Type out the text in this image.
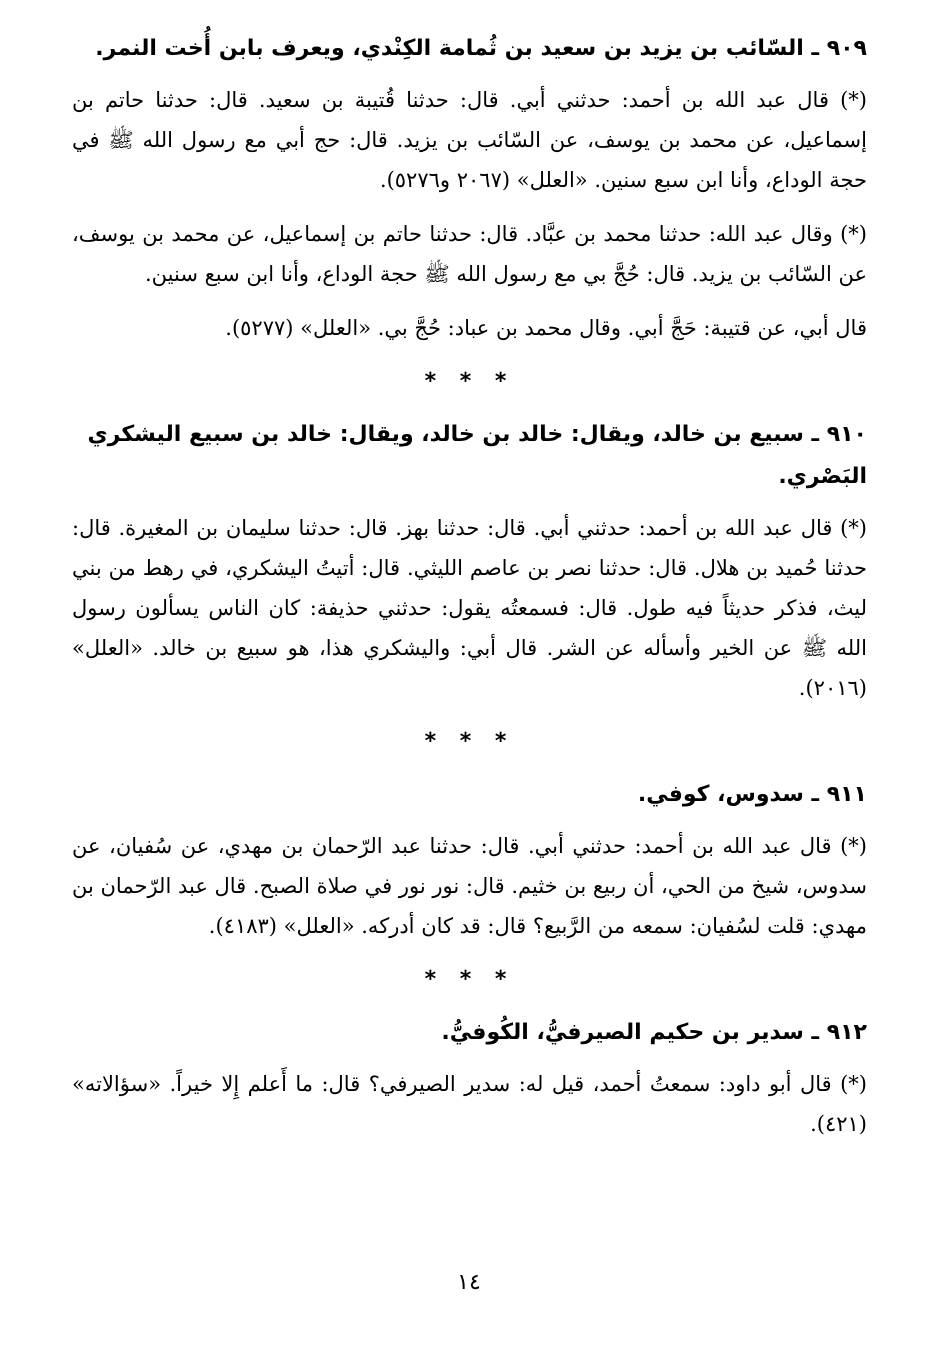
٩٠٩ ـ السّائب بن يزيد بن سعيد بن ثُمامة الكِنْدي، ويعرف بابن أُخت النمر.

(*) قال عبد الله بن أحمد: حدثني أبي. قال: حدثنا قُتيبة بن سعيد. قال: حدثنا حاتم بن إسماعيل، عن محمد بن يوسف، عن السّائب بن يزيد. قال: حج أبي مع رسول الله ﷺ في حجة الوداع، وأنا ابن سبع سنين. «العلل» (٢٠٦٧ و٥٢٧٦).

(*) وقال عبد الله: حدثنا محمد بن عبَّاد. قال: حدثنا حاتم بن إسماعيل، عن محمد بن يوسف، عن السّائب بن يزيد. قال: حُجَّ بي مع رسول الله ﷺ حجة الوداع، وأنا ابن سبع سنين.

قال أبي، عن قتيبة: حَجَّ أبي. وقال محمد بن عباد: حُجَّ بي. «العلل» (٥٢٧٧).

* * *
٩١٠ ـ سبيع بن خالد، ويقال: خالد بن خالد، ويقال: خالد بن سبيع اليشكري البَصْري.

(*) قال عبد الله بن أحمد: حدثني أبي. قال: حدثنا بهز. قال: حدثنا سليمان بن المغيرة. قال: حدثنا حُميد بن هلال. قال: حدثنا نصر بن عاصم الليثي. قال: أتيتُ اليشكري، في رهط من بني ليث، فذكر حديثاً فيه طول. قال: فسمعتُه يقول: حدثني حذيفة: كان الناس يسألون رسول الله ﷺ عن الخير وأسأله عن الشر. قال أبي: واليشكري هذا، هو سبيع بن خالد. «العلل» (٢٠١٦).

* * *
٩١١ ـ سدوس، كوفي.

(*) قال عبد الله بن أحمد: حدثني أبي. قال: حدثنا عبد الرّحمان بن مهدي، عن سُفيان، عن سدوس، شيخ من الحي، أن ربيع بن خثيم. قال: نور نور في صلاة الصبح. قال عبد الرّحمان بن مهدي: قلت لسُفيان: سمعه من الرَّبيع؟ قال: قد كان أدركه. «العلل» (٤١٨٣).

* * *
٩١٢ ـ سدير بن حكيم الصيرفيُّ، الكُوفيُّ.

(*) قال أبو داود: سمعتُ أحمد، قيل له: سدير الصيرفي؟ قال: ما أَعلم إِلا خيراً. «سؤالاته» (٤٢١).

١٤
